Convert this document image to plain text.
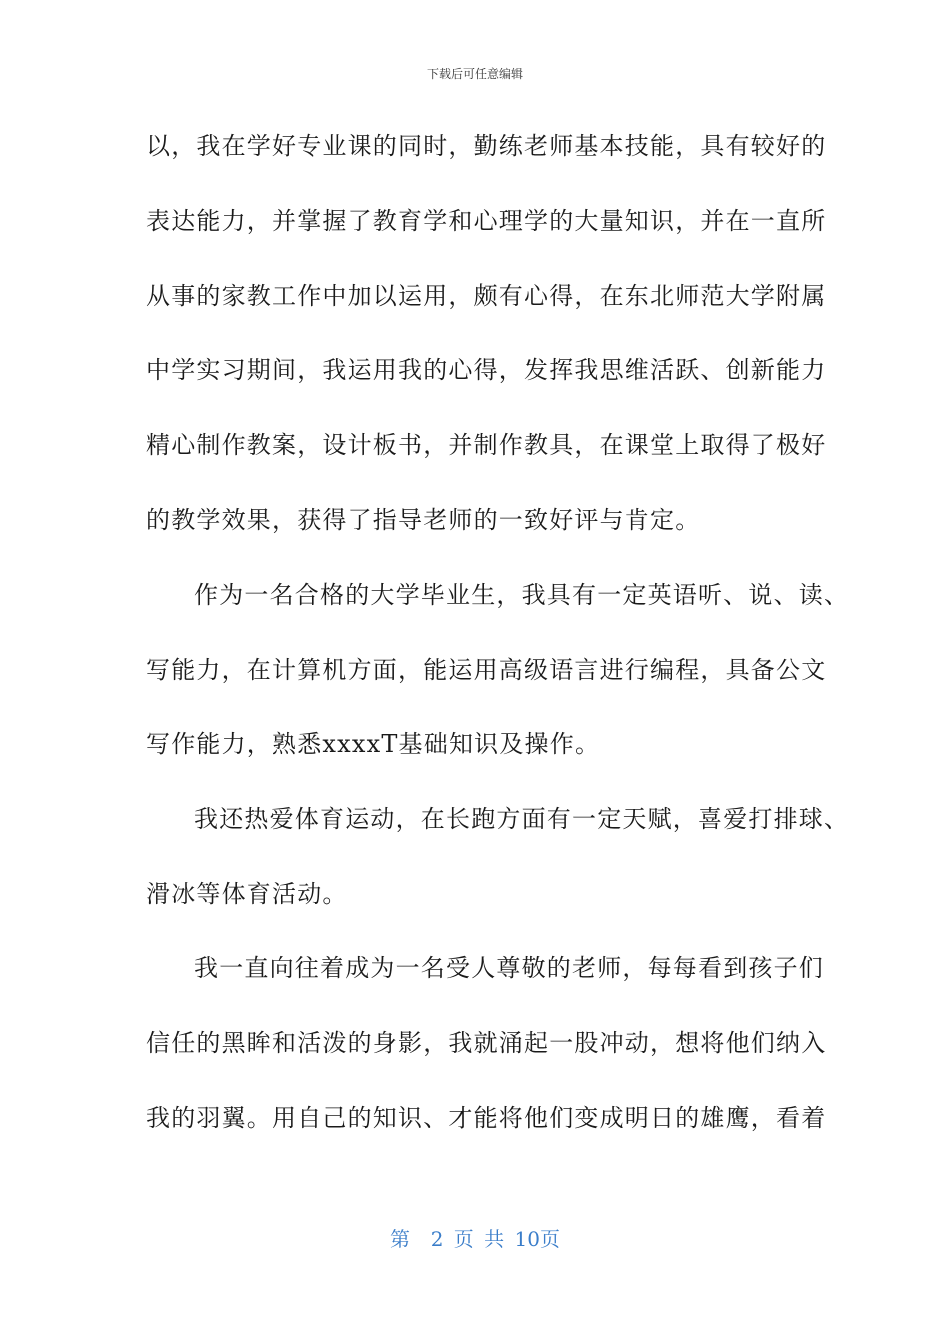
下载后可任意编辑
以，我在学好专业课的同时，勤练老师基本技能，具有较好的
表达能力，并掌握了教育学和心理学的大量知识，并在一直所
从事的家教工作中加以运用，颇有心得，在东北师范大学附属
中学实习期间，我运用我的心得，发挥我思维活跃、创新能力
精心制作教案，设计板书，并制作教具，在课堂上取得了极好
的教学效果，获得了指导老师的一致好评与肯定。
作为一名合格的大学毕业生，我具有一定英语听、说、读、
写能力，在计算机方面，能运用高级语言进行编程，具备公文
写作能力，熟悉xxxxT基础知识及操作。
我还热爱体育运动，在长跑方面有一定天赋，喜爱打排球、
滑冰等体育活动。
我一直向往着成为一名受人尊敬的老师，每每看到孩子们
信任的黑眸和活泼的身影，我就涌起一股冲动，想将他们纳入
我的羽翼。用自己的知识、才能将他们变成明日的雄鹰，看着
第  2 页 共 10页
